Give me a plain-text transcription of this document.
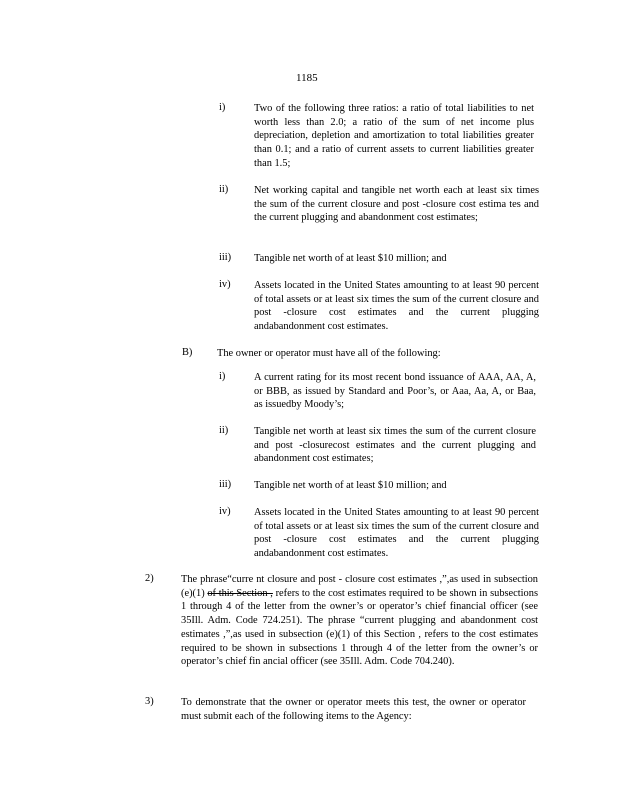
1185
i)	Two of the following three ratios: a ratio of total liabilities to net worth less than 2.0; a ratio of the sum of net income plus depreciation, depletion and amortization to total liabilities greater than 0.1; and a ratio of current assets to current liabilities greater than 1.5;
ii) Net working capital and tangible net worth each at least six times the sum of the current closure and post -closure cost estima tes and the current plugging and abandonment cost estimates;
iii) Tangible net worth of at least $10 million; and
iv) Assets located in the United States amounting to at least 90 percent of total assets or at least six times the sum of the current closure and post -closure cost estimates and the current plugging andabandonment cost estimates.
B) The owner or operator must have all of the following:
i)	A current rating for its most recent bond issuance of AAA, AA, A, or BBB, as issued by Standard and Poor’s, or Aaa, Aa, A, or Baa, as issuedby Moody’s;
ii) Tangible net worth at least six times the sum of the current closure and post -closurecost estimates and the current plugging and abandonment cost estimates;
iii) Tangible net worth of at least $10 million; and
iv) Assets located in the United States amounting to at least 90 percent of total assets or at least six times the sum of the current closure and post -closure cost estimates and the current plugging andabandonment cost estimates.
2)	The phrase“curre nt closure and post - closure cost estimates ,”,as used in subsection (e)(1) of this Section , refers to the cost estimates required to be shown in subsections 1 through 4 of the letter from the owner’s or operator’s chief financial officer (see 35Ill. Adm. Code 724.251). The phrase “current plugging and abandonment cost estimates ,”,as used in subsection (e)(1) of this Section , refers to the cost estimates required to be shown in subsections 1 through 4 of the letter from the owner’s or operator’s chief fin ancial officer (see 35Ill. Adm. Code 704.240).
3)	To demonstrate that the owner or operator meets this test, the owner or operator must submit each of the following items to the Agency:
